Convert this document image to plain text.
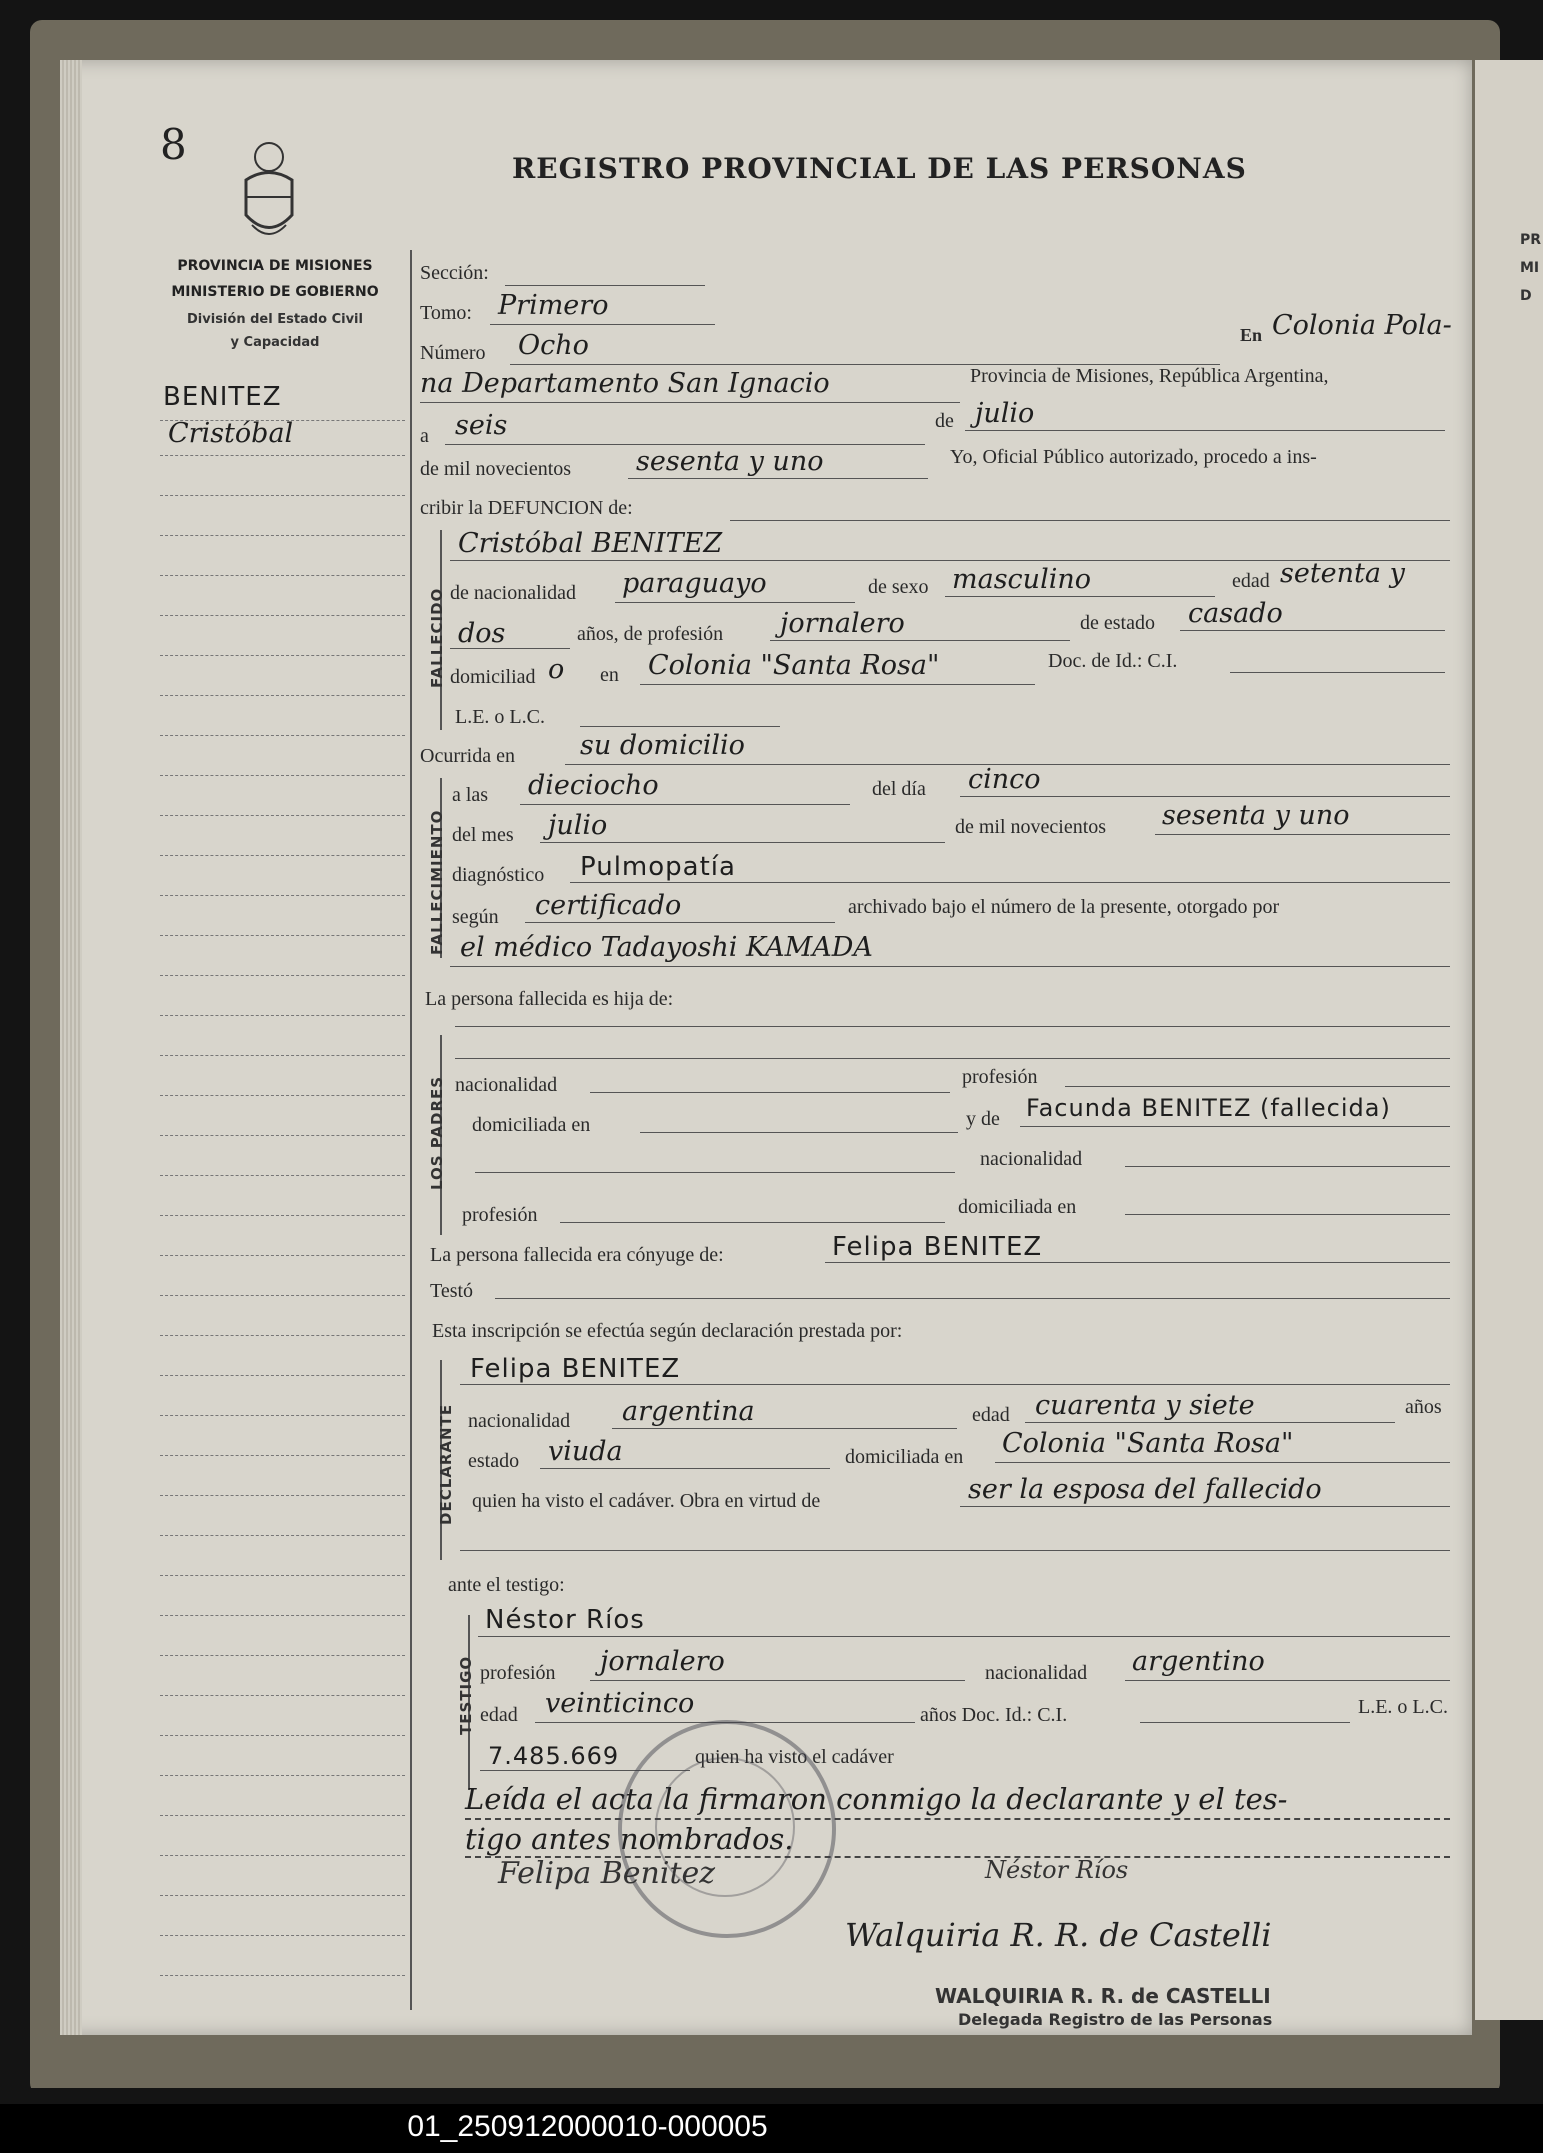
PR
MI
D
8	REGISTRO PROVINCIAL DE LAS PERSONAS
PROVINCIA DE MISIONES
MINISTERIO DE GOBIERNO
División del Estado Civil
y Capacidad
BENITEZ
Cristóbal
Sección:
Tomo: Primero
Número Ocho	En Colonia Pola-
na Departamento San Ignacio	Provincia de Misiones, República Argentina,
a seis	de julio
de mil novecientos sesenta y uno	Yo, Oficial Público autorizado, procedo a ins-
cribir la DEFUNCION de:
FALLECIDO
Cristóbal BENITEZ
de nacionalidad paraguayo	de sexo masculino	edad setenta y
dos	años, de profesión jornalero	de estado casado
domiciliad o en Colonia "Santa Rosa"	Doc. de Id.: C.I.
L.E. o L.C.
Ocurrida en su domicilio
FALLECIMIENTO
a las dieciocho	del día cinco
del mes julio	de mil novecientos sesenta y uno
diagnóstico Pulmopatía
según certificado	archivado bajo el número de la presente, otorgado por
el médico Tadayoshi KAMADA
La persona fallecida es hija de:
LOS PADRES nacionalidad	profesión
domiciliada en	y de Facunda BENITEZ (fallecida)
nacionalidad
profesión	domiciliada en
La persona fallecida era cónyuge de:	Felipa BENITEZ
Testó
Esta inscripción se efectúa según declaración prestada por:
DECLARANTE
Felipa BENITEZ
nacionalidad argentina	edad cuarenta y siete	años
estado viuda	domiciliada en Colonia "Santa Rosa"
quien ha visto el cadáver. Obra en virtud de	ser la esposa del fallecido
ante el testigo:
TESTIGO
Néstor Ríos
profesión jornalero	nacionalidad argentino
edad veinticinco	años Doc. Id.: C.I.	L.E. o L.C.
7.485.669	quien ha visto el cadáver
Leída el acta la firmaron conmigo la declarante y el tes-
tigo antes nombrados.
Felipa Benitez	Néstor Ríos
Walquiria R. R. de Castelli
WALQUIRIA R. R. de CASTELLI
Delegada Registro de las Personas
01_250912000010-000005
